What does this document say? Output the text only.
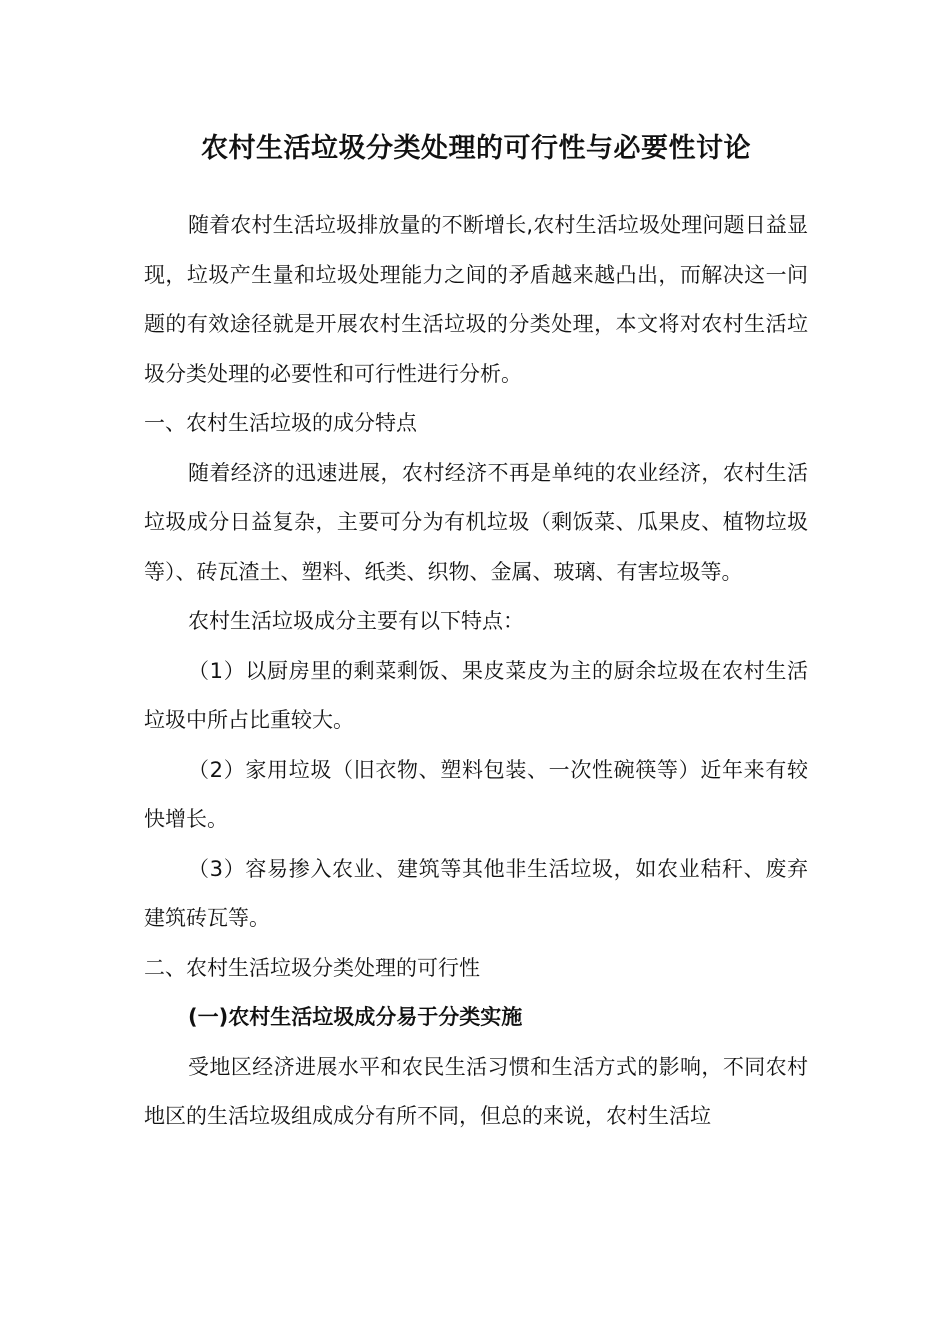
农村生活垃圾分类处理的可行性与必要性讨论

随着农村生活垃圾排放量的不断增长,农村生活垃圾处理问题日益显现，垃圾产生量和垃圾处理能力之间的矛盾越来越凸出，而解决这一问题的有效途径就是开展农村生活垃圾的分类处理，本文将对农村生活垃圾分类处理的必要性和可行性进行分析。

一、农村生活垃圾的成分特点

随着经济的迅速进展，农村经济不再是单纯的农业经济，农村生活垃圾成分日益复杂，主要可分为有机垃圾（剩饭菜、瓜果皮、植物垃圾等）、砖瓦渣土、塑料、纸类、织物、金属、玻璃、有害垃圾等。

农村生活垃圾成分主要有以下特点：

（1）以厨房里的剩菜剩饭、果皮菜皮为主的厨余垃圾在农村生活垃圾中所占比重较大。

（2）家用垃圾（旧衣物、塑料包装、一次性碗筷等）近年来有较快增长。

（3）容易掺入农业、建筑等其他非生活垃圾，如农业秸秆、废弃建筑砖瓦等。

二、农村生活垃圾分类处理的可行性

(一)农村生活垃圾成分易于分类实施

受地区经济进展水平和农民生活习惯和生活方式的影响，不同农村地区的生活垃圾组成成分有所不同，但总的来说，农村生活垃
